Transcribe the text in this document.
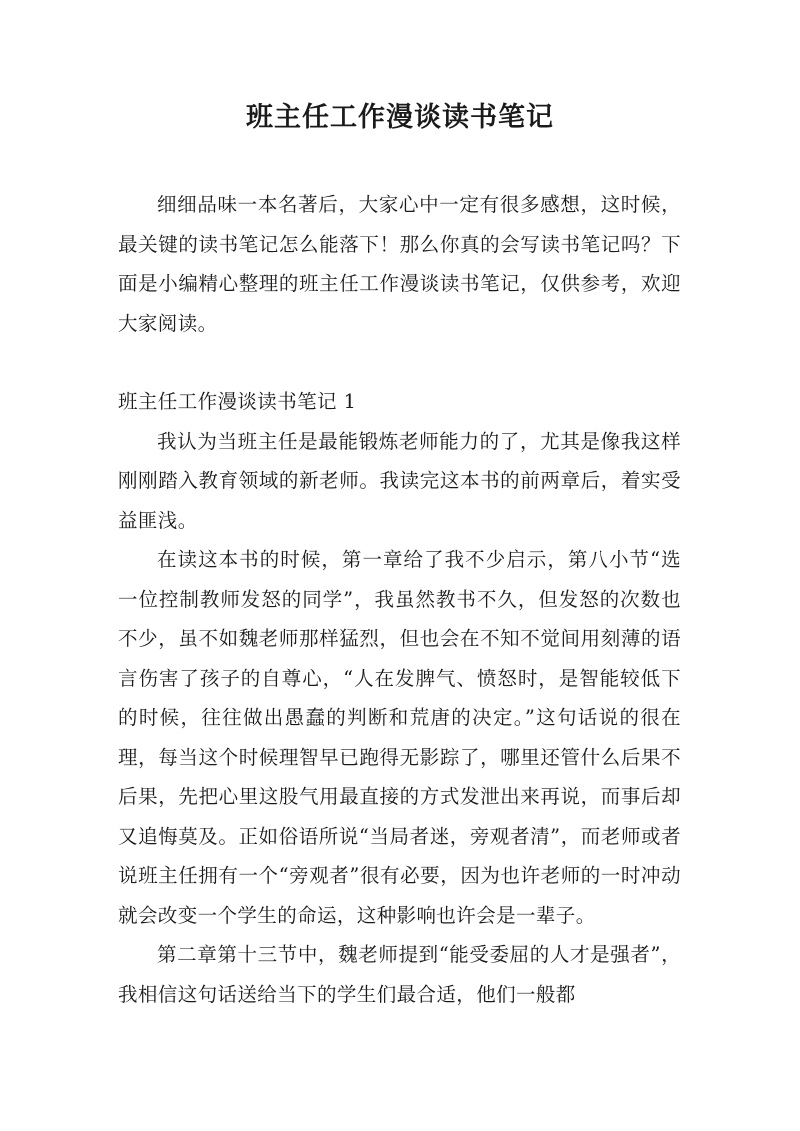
班主任工作漫谈读书笔记

细细品味一本名著后，大家心中一定有很多感想，这时候，最关键的读书笔记怎么能落下！那么你真的会写读书笔记吗？下面是小编精心整理的班主任工作漫谈读书笔记，仅供参考，欢迎大家阅读。

班主任工作漫谈读书笔记 1

我认为当班主任是最能锻炼老师能力的了，尤其是像我这样刚刚踏入教育领域的新老师。我读完这本书的前两章后，着实受益匪浅。

在读这本书的时候，第一章给了我不少启示，第八小节“选一位控制教师发怒的同学”，我虽然教书不久，但发怒的次数也不少，虽不如魏老师那样猛烈，但也会在不知不觉间用刻薄的语言伤害了孩子的自尊心，“人在发脾气、愤怒时，是智能较低下的时候，往往做出愚蠢的判断和荒唐的决定。”这句话说的很在理，每当这个时候理智早已跑得无影踪了，哪里还管什么后果不后果，先把心里这股气用最直接的方式发泄出来再说，而事后却又追悔莫及。正如俗语所说“当局者迷，旁观者清”，而老师或者说班主任拥有一个“旁观者”很有必要，因为也许老师的一时冲动就会改变一个学生的命运，这种影响也许会是一辈子。

第二章第十三节中，魏老师提到“能受委屈的人才是强者”，我相信这句话送给当下的学生们最合适，他们一般都
